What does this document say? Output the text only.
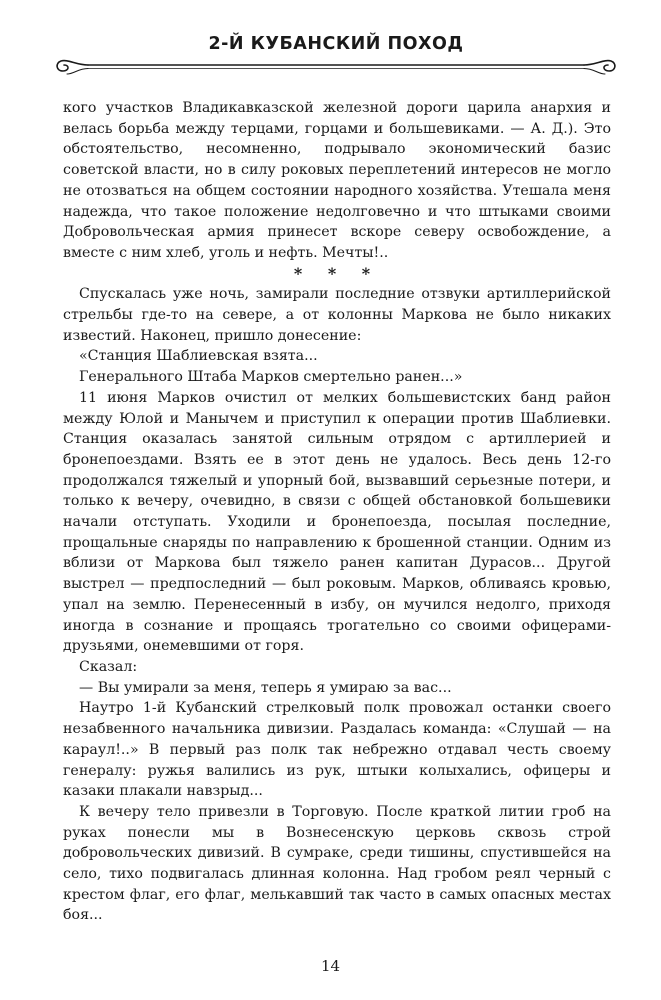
2-Й КУБАНСКИЙ ПОХОД

кого участков Владикавказской железной дороги царила анархия и велась борьба между терцами, горцами и большевиками. — А. Д.). Это обстоятельство, несомненно, подрывало экономический базис советской власти, но в силу роковых переплетений интересов не могло не отозваться на общем состоянии народного хозяйства. Утешала меня надежда, что такое положение недолговечно и что штыками своими Добровольческая армия принесет вскоре северу освобождение, а вместе с ним хлеб, уголь и нефть. Мечты!..

* * *

Спускалась уже ночь, замирали последние отзвуки артиллерийской стрельбы где-то на севере, а от колонны Маркова не было никаких известий. Наконец, пришло донесение:

«Станция Шаблиевская взята...

Генерального Штаба Марков смертельно ранен...»

11 июня Марков очистил от мелких большевистских банд район между Юлой и Манычем и приступил к операции против Шаблиевки. Станция оказалась занятой сильным отрядом с артиллерией и бронепоездами. Взять ее в этот день не удалось. Весь день 12-го продолжался тяжелый и упорный бой, вызвавший серьезные потери, и только к вечеру, очевидно, в связи с общей обстановкой большевики начали отступать. Уходили и бронепоезда, посылая последние, прощальные снаряды по направлению к брошенной станции. Одним из вблизи от Маркова был тяжело ранен капитан Дурасов... Другой выстрел — предпоследний — был роковым. Марков, обливаясь кровью, упал на землю. Перенесенный в избу, он мучился недолго, приходя иногда в сознание и прощаясь трогательно со своими офицерами-друзьями, онемевшими от горя.

Сказал:

— Вы умирали за меня, теперь я умираю за вас...

Наутро 1-й Кубанский стрелковый полк провожал останки своего незабвенного начальника дивизии. Раздалась команда: «Слушай — на караул!..» В первый раз полк так небрежно отдавал честь своему генералу: ружья валились из рук, штыки колыхались, офицеры и казаки плакали навзрыд...

К вечеру тело привезли в Торговую. После краткой литии гроб на руках понесли мы в Вознесенскую церковь сквозь строй добровольческих дивизий. В сумраке, среди тишины, спустившейся на село, тихо подвигалась длинная колонна. Над гробом реял черный с крестом флаг, его флаг, мелькавший так часто в самых опасных местах боя...

14
